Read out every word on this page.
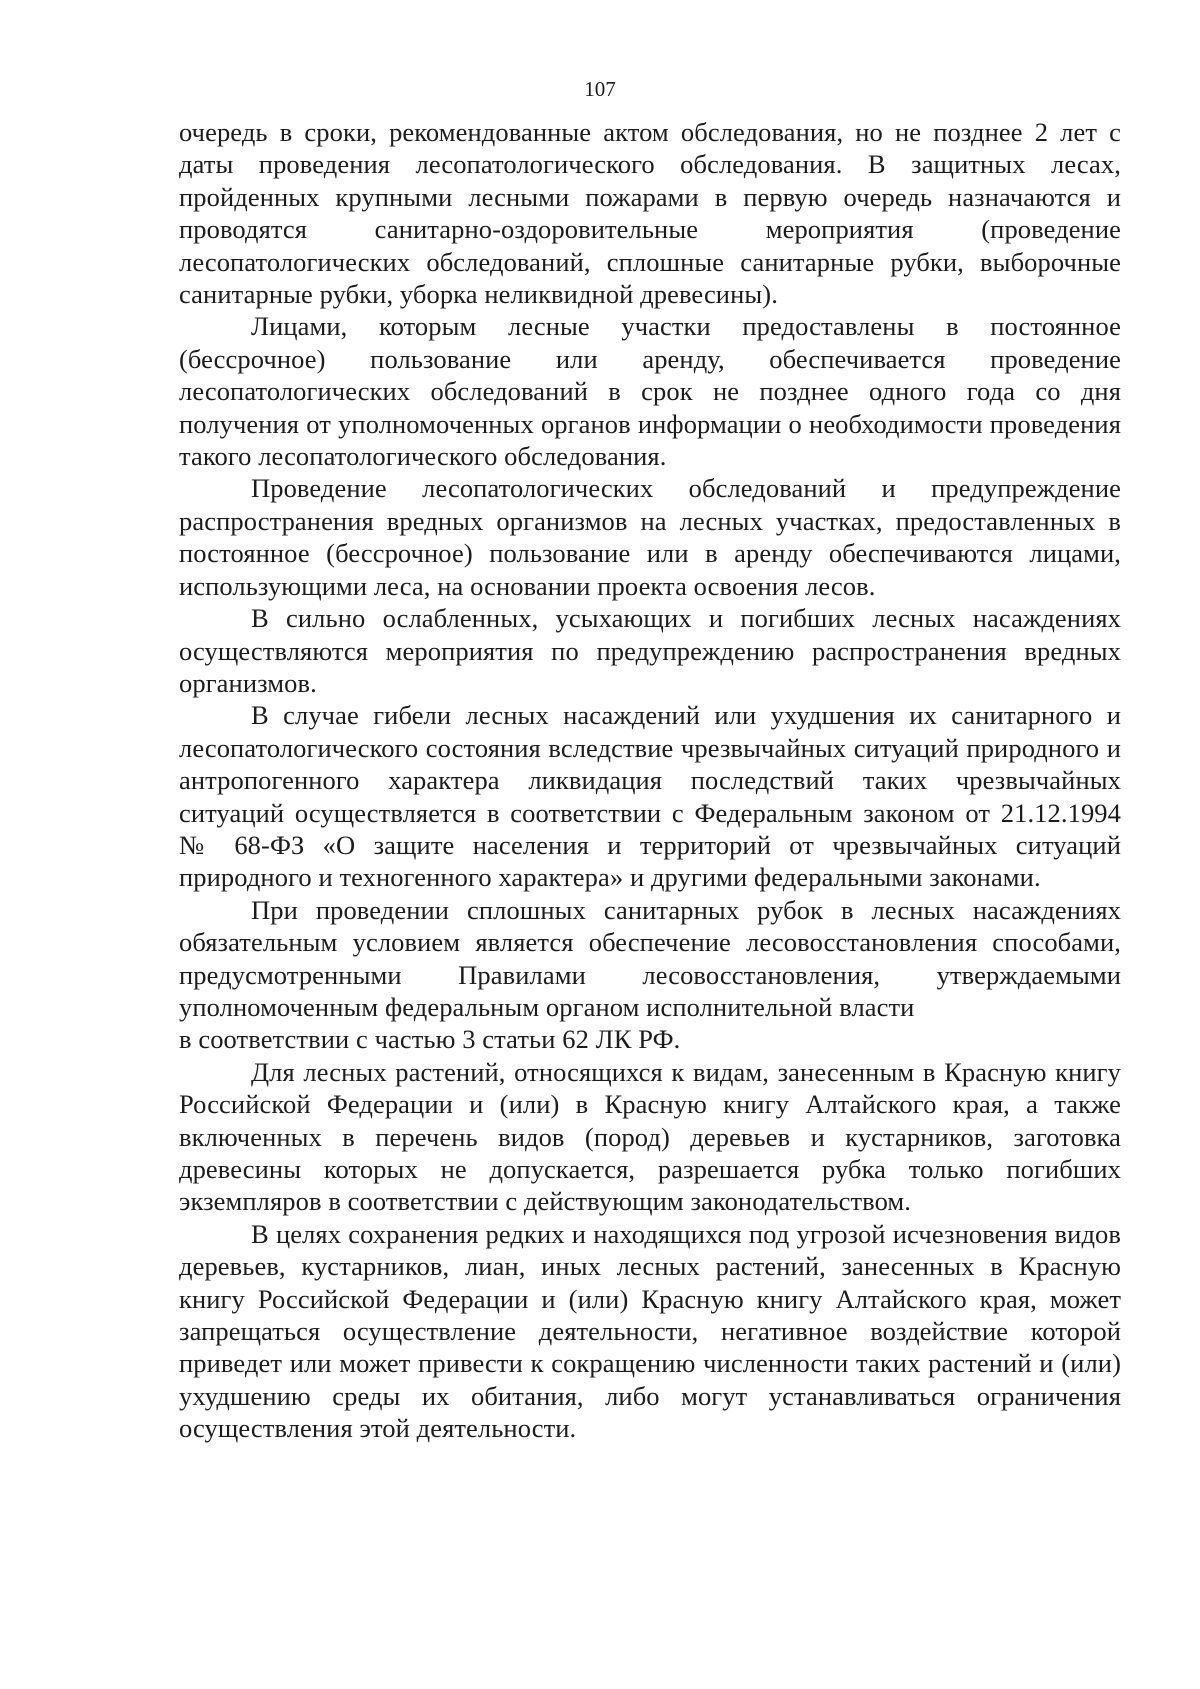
107

очередь в сроки, рекомендованные актом обследования, но не позднее 2 лет с даты проведения лесопатологического обследования. В защитных лесах, пройденных крупными лесными пожарами в первую очередь назначаются и проводятся санитарно-оздоровительные мероприятия (проведение лесопатологических обследований, сплошные санитарные рубки, выборочные санитарные рубки, уборка неликвидной древесины).

Лицами, которым лесные участки предоставлены в постоянное (бессрочное) пользование или аренду, обеспечивается проведение лесопатологических обследований в срок не позднее одного года со дня получения от уполномоченных органов информации о необходимости проведения такого лесопатологического обследования.

Проведение лесопатологических обследований и предупреждение распространения вредных организмов на лесных участках, предоставленных в постоянное (бессрочное) пользование или в аренду обеспечиваются лицами, использующими леса, на основании проекта освоения лесов.

В сильно ослабленных, усыхающих и погибших лесных насаждениях осуществляются мероприятия по предупреждению распространения вредных организмов.

В случае гибели лесных насаждений или ухудшения их санитарного и лесопатологического состояния вследствие чрезвычайных ситуаций природного и антропогенного характера ликвидация последствий таких чрезвычайных ситуаций осуществляется в соответствии с Федеральным законом от 21.12.1994 № 68-ФЗ «О защите населения и территорий от чрезвычайных ситуаций природного и техногенного характера» и другими федеральными законами.

При проведении сплошных санитарных рубок в лесных насаждениях обязательным условием является обеспечение лесовосстановления способами, предусмотренными Правилами лесовосстановления, утверждаемыми уполномоченным федеральным органом исполнительной власти

в соответствии с частью 3 статьи 62 ЛК РФ.

Для лесных растений, относящихся к видам, занесенным в Красную книгу Российской Федерации и (или) в Красную книгу Алтайского края, а также включенных в перечень видов (пород) деревьев и кустарников, заготовка древесины которых не допускается, разрешается рубка только погибших экземпляров в соответствии с действующим законодательством.

В целях сохранения редких и находящихся под угрозой исчезновения видов деревьев, кустарников, лиан, иных лесных растений, занесенных в Красную книгу Российской Федерации и (или) Красную книгу Алтайского края, может запрещаться осуществление деятельности, негативное воздействие которой приведет или может привести к сокращению численности таких растений и (или) ухудшению среды их обитания, либо могут устанавливаться ограничения осуществления этой деятельности.
